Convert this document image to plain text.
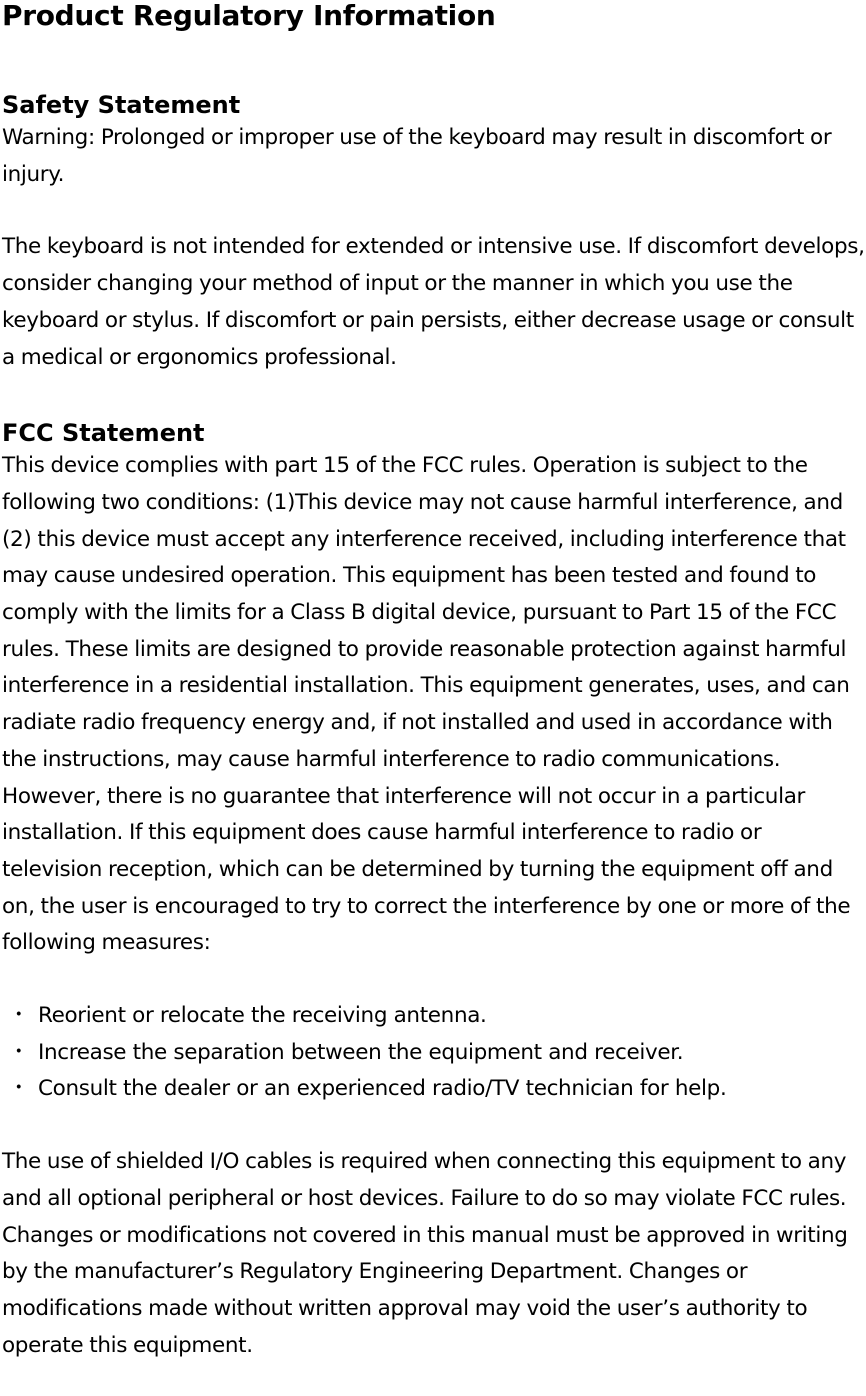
Product Regulatory Information
Safety Statement

Warning: Prolonged or improper use of the keyboard may result in discomfort or injury.

The keyboard is not intended for extended or intensive use. If discomfort develops, consider changing your method of input or the manner in which you use the keyboard or stylus. If discomfort or pain persists, either decrease usage or consult a medical or ergonomics professional.

FCC Statement

This device complies with part 15 of the FCC rules. Operation is subject to the following two conditions: (1)This device may not cause harmful interference, and (2) this device must accept any interference received, including interference that may cause undesired operation. This equipment has been tested and found to comply with the limits for a Class B digital device, pursuant to Part 15 of the FCC rules. These limits are designed to provide reasonable protection against harmful interference in a residential installation. This equipment generates, uses, and can radiate radio frequency energy and, if not installed and used in accordance with the instructions, may cause harmful interference to radio communications. However, there is no guarantee that interference will not occur in a particular installation. If this equipment does cause harmful interference to radio or television reception, which can be determined by turning the equipment off and on, the user is encouraged to try to correct the interference by one or more of the following measures:

・ Reorient or relocate the receiving antenna.
・ Increase the separation between the equipment and receiver.
・ Consult the dealer or an experienced radio/TV technician for help.

The use of shielded I/O cables is required when connecting this equipment to any and all optional peripheral or host devices. Failure to do so may violate FCC rules. Changes or modifications not covered in this manual must be approved in writing by the manufacturer’s Regulatory Engineering Department. Changes or modifications made without written approval may void the user’s authority to operate this equipment.
